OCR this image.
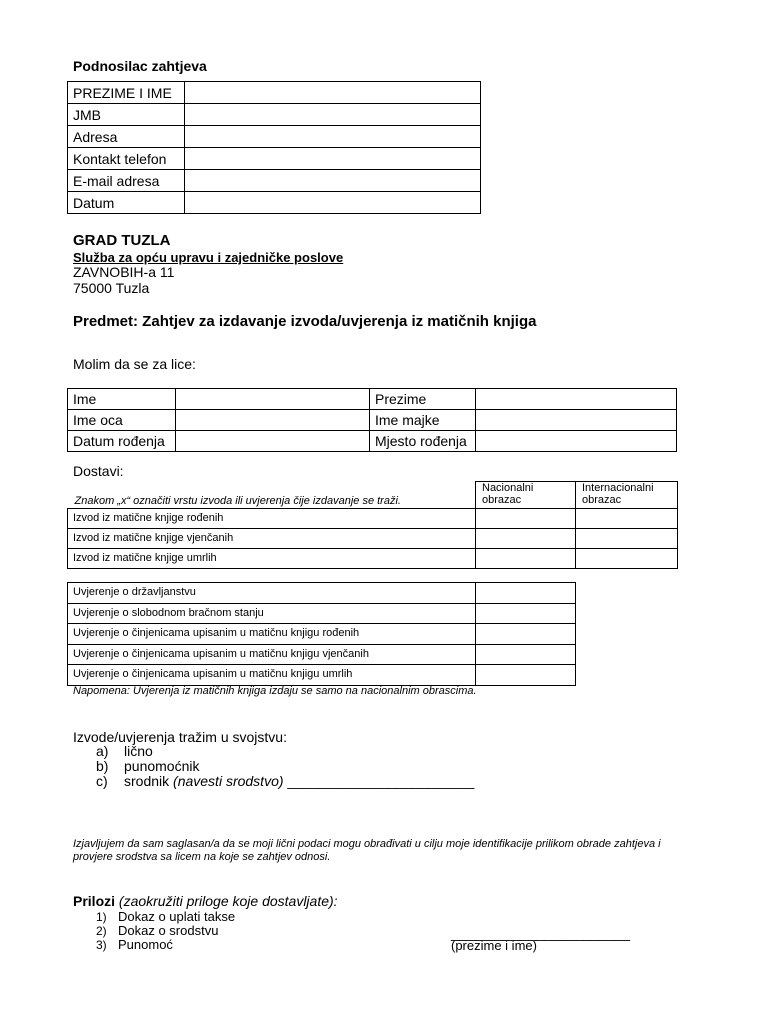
Podnosilac zahtjeva
PREZIME I IME	
JMB	
Adresa	
Kontakt telefon	
E-mail adresa	
Datum	
GRAD TUZLA
Služba za opću upravu i zajedničke poslove
ZAVNOBIH-a 11
75000 Tuzla
Predmet: Zahtjev za izdavanje izvoda/uvjerenja iz matičnih knjiga
Molim da se za lice:
Ime		Prezime	
Ime oca		Ime majke	
Datum rođenja		Mjesto rođenja	
Dostavi:
Znakom „x“ označiti vrstu izvoda ili uvjerenja čije izdavanje se traži.	Nacionalni obrazac	Internacionalni obrazac
Izvod iz matične knjige rođenih		
Izvod iz matične knjige vjenčanih		
Izvod iz matične knjige umrlih		
Uvjerenje o državljanstvu	
Uvjerenje o slobodnom bračnom stanju	
Uvjerenje o činjenicama upisanim u matičnu knjigu rođenih	
Uvjerenje o činjenicama upisanim u matičnu knjigu vjenčanih	
Uvjerenje o činjenicama upisanim u matičnu knjigu umrlih	
Napomena: Uvjerenja iz matičnih knjiga izdaju se samo na nacionalnim obrascima.
Izvode/uvjerenja tražim u svojstvu:
a) lično
b) punomoćnik
c) srodnik (navesti srodstvo) ________________________
Izjavljujem da sam saglasan/a da se moji lični podaci mogu obrađivati u cilju moje identifikacije prilikom obrade zahtjeva i provjere srodstva sa licem na koje se zahtjev odnosi.
Prilozi (zaokružiti priloge koje dostavljate):
1) Dokaz o uplati takse
2) Dokaz o srodstvu
3) Punomoć
_______________________
(prezime i ime)
